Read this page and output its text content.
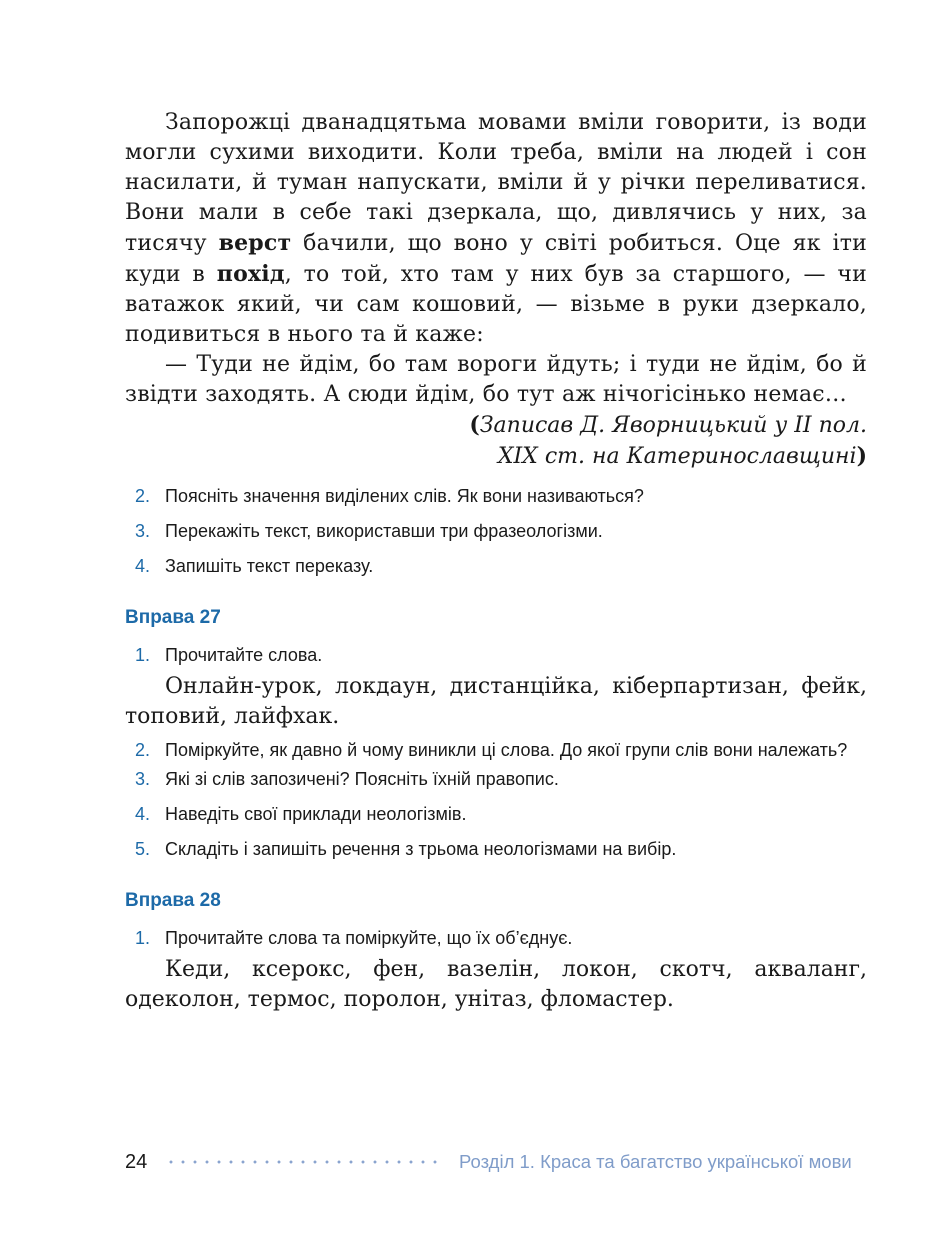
Запорожці дванадцятьма мовами вміли говорити, із води могли сухими виходити. Коли треба, вміли на людей і сон насилати, й туман напускати, вміли й у річки переливатися. Вони мали в себе такі дзеркала, що, дивлячись у них, за тисячу верст бачили, що воно у світі робиться. Оце як іти куди в похід, то той, хто там у них був за старшого, — чи ватажок який, чи сам кошовий, — візьме в руки дзеркало, подивиться в нього та й каже:

— Туди не йдім, бо там вороги йдуть; і туди не йдім, бо й звідти заходять. А сюди йдім, бо тут аж нічогісінько немає…

(Записав Д. Яворницький у ІІ пол.
ХІХ ст. на Катеринославщині)

2. Поясніть значення виділених слів. Як вони називаються?
3. Перекажіть текст, використавши три фразеологізми.
4. Запишіть текст переказу.
Вправа 27
1. Прочитайте слова.

Онлайн-урок, локдаун, дистанційка, кіберпартизан, фейк, топовий, лайфхак.

2. Поміркуйте, як давно й чому виникли ці слова. До якої групи слів вони належать?
3. Які зі слів запозичені? Поясніть їхній правопис.
4. Наведіть свої приклади неологізмів.
5. Складіть і запишіть речення з трьома неологізмами на вибір.
Вправа 28
1. Прочитайте слова та поміркуйте, що їх об’єднує.

Кеди, ксерокс, фен, вазелін, локон, скотч, акваланг, одеколон, термос, поролон, унітаз, фломастер.

24	Розділ 1. Краса та багатство української мови
